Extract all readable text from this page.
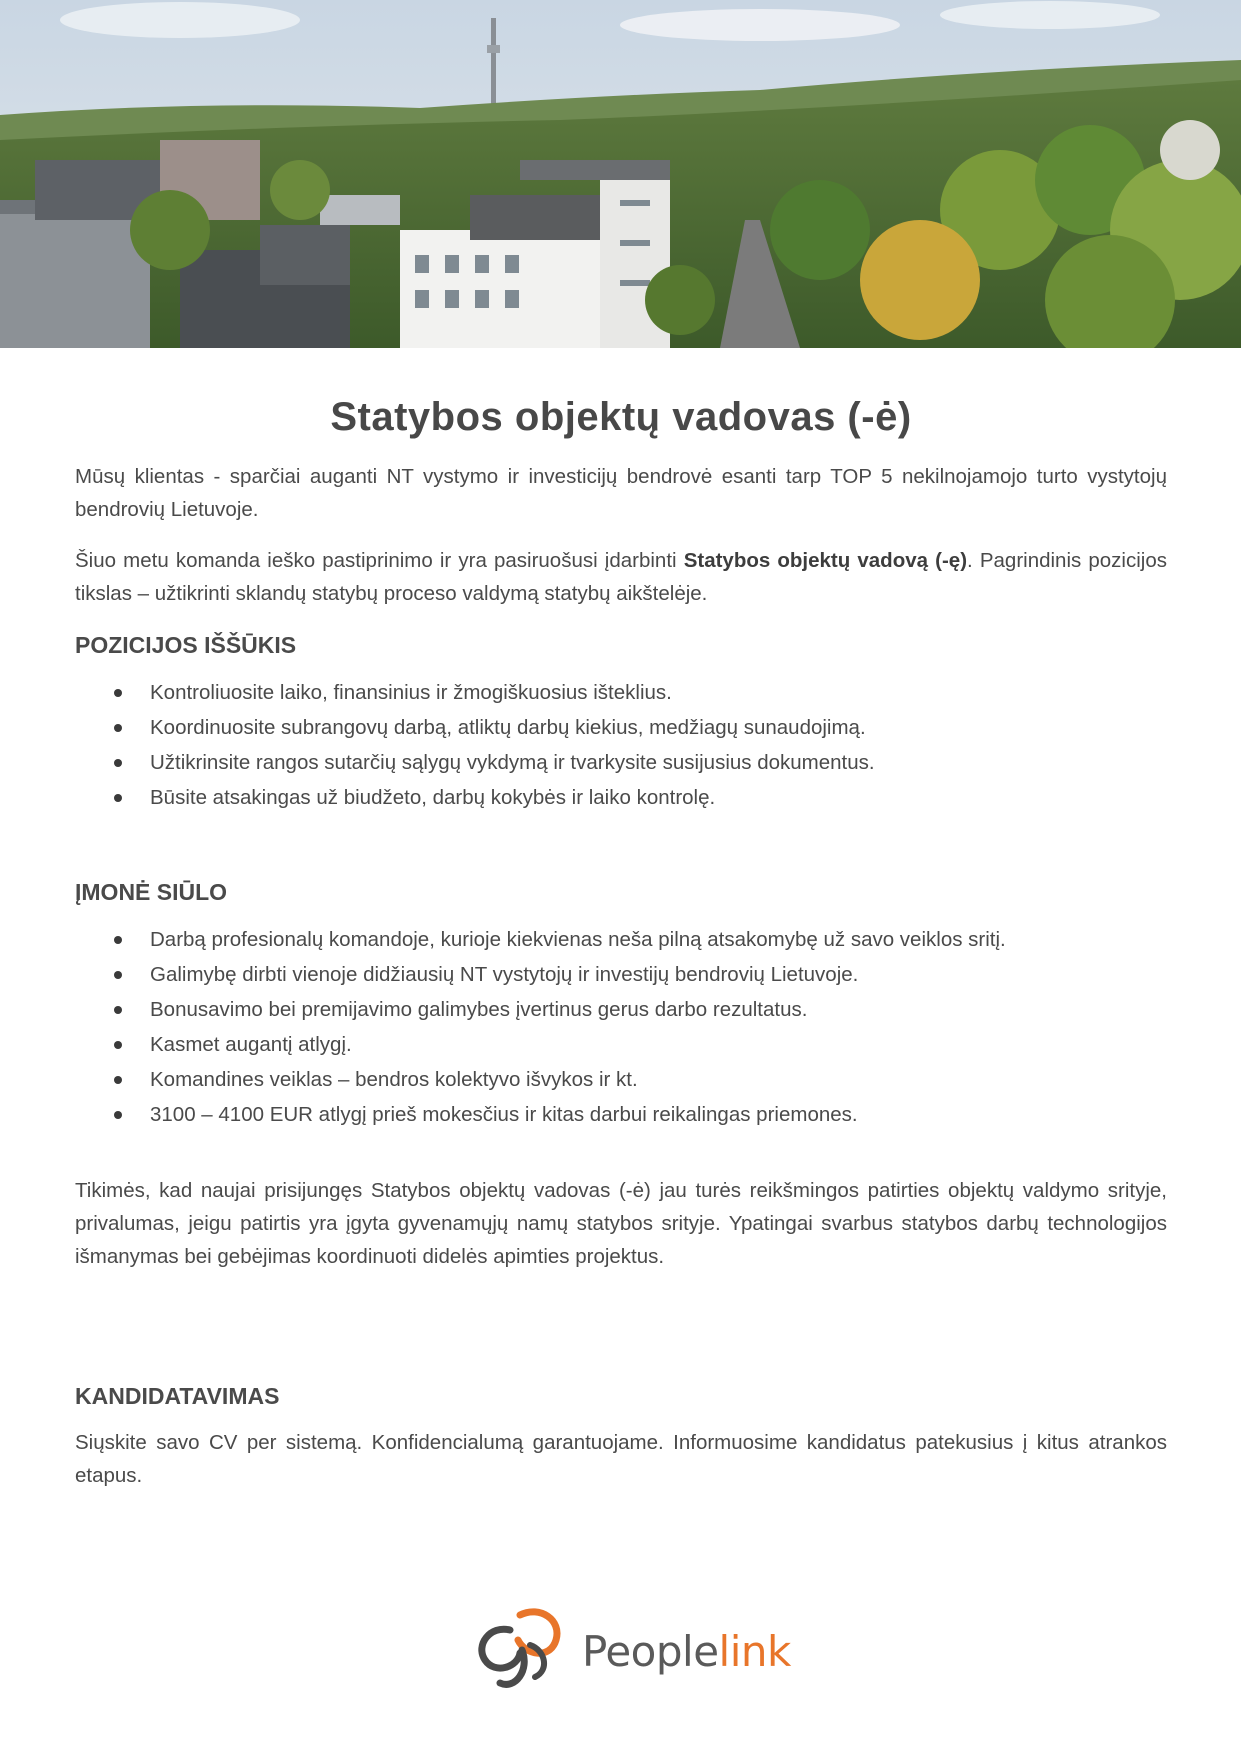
Statybos objektų vadovas (-ė)

Mūsų klientas - sparčiai auganti NT vystymo ir investicijų bendrovė esanti tarp TOP 5 nekilnojamojo turto vystytojų bendrovių Lietuvoje.

Šiuo metu komanda ieško pastiprinimo ir yra pasiruošusi įdarbinti Statybos objektų vadovą (-ę). Pagrindinis pozicijos tikslas – užtikrinti sklandų statybų proceso valdymą statybų aikštelėje.

POZICIJOS IŠŠŪKIS
Kontroliuosite laiko, finansinius ir žmogiškuosius išteklius.
Koordinuosite subrangovų darbą, atliktų darbų kiekius, medžiagų sunaudojimą.
Užtikrinsite rangos sutarčių sąlygų vykdymą ir tvarkysite susijusius dokumentus.
Būsite atsakingas už biudžeto, darbų kokybės ir laiko kontrolę.
ĮMONĖ SIŪLO
Darbą profesionalų komandoje, kurioje kiekvienas neša pilną atsakomybę už savo veiklos sritį.
Galimybę dirbti vienoje didžiausių NT vystytojų ir investijų bendrovių Lietuvoje.
Bonusavimo bei premijavimo galimybes įvertinus gerus darbo rezultatus.
Kasmet augantį atlygį.
Komandines veiklas – bendros kolektyvo išvykos ir kt.
3100 – 4100 EUR atlygį prieš mokesčius ir kitas darbui reikalingas priemones.

Tikimės, kad naujai prisijungęs Statybos objektų vadovas (-ė) jau turės reikšmingos patirties objektų valdymo srityje, privalumas, jeigu patirtis yra įgyta gyvenamųjų namų statybos srityje. Ypatingai svarbus statybos darbų technologijos išmanymas bei gebėjimas koordinuoti didelės apimties projektus.

KANDIDATAVIMAS

Siųskite savo CV per sistemą. Konfidencialumą garantuojame. Informuosime kandidatus patekusius į kitus atrankos etapus.

Peoplelink
